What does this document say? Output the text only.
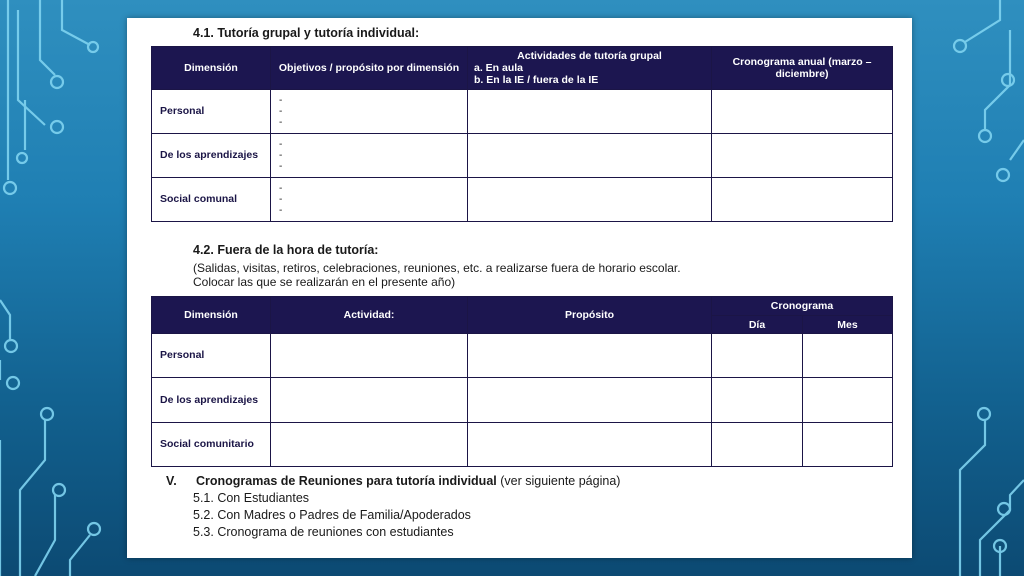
4.1. Tutoría grupal y tutoría individual:
Dimensión	Objetivos / propósito por dimensión	Actividades de tutoría grupal
a. En aula
b. En la IE / fuera de la IE	Cronograma anual (marzo – diciembre)
Personal	-
-
-		

De los aprendizajes	-
-
-		

Social comunal	-
-
-		

4.2. Fuera de la hora de tutoría:
(Salidas, visitas, retiros, celebraciones, reuniones, etc. a realizarse fuera de horario escolar.
Colocar las que se realizarán en el presente año)
Dimensión	Actividad:	Propósito	Cronograma	
			Día	Mes
Personal				
De los aprendizajes				
Social comunitario				
V. Cronogramas de Reuniones para tutoría individual (ver siguiente página)
5.1. Con Estudiantes
5.2. Con Madres o Padres de Familia/Apoderados
5.3. Cronograma de reuniones con estudiantes
